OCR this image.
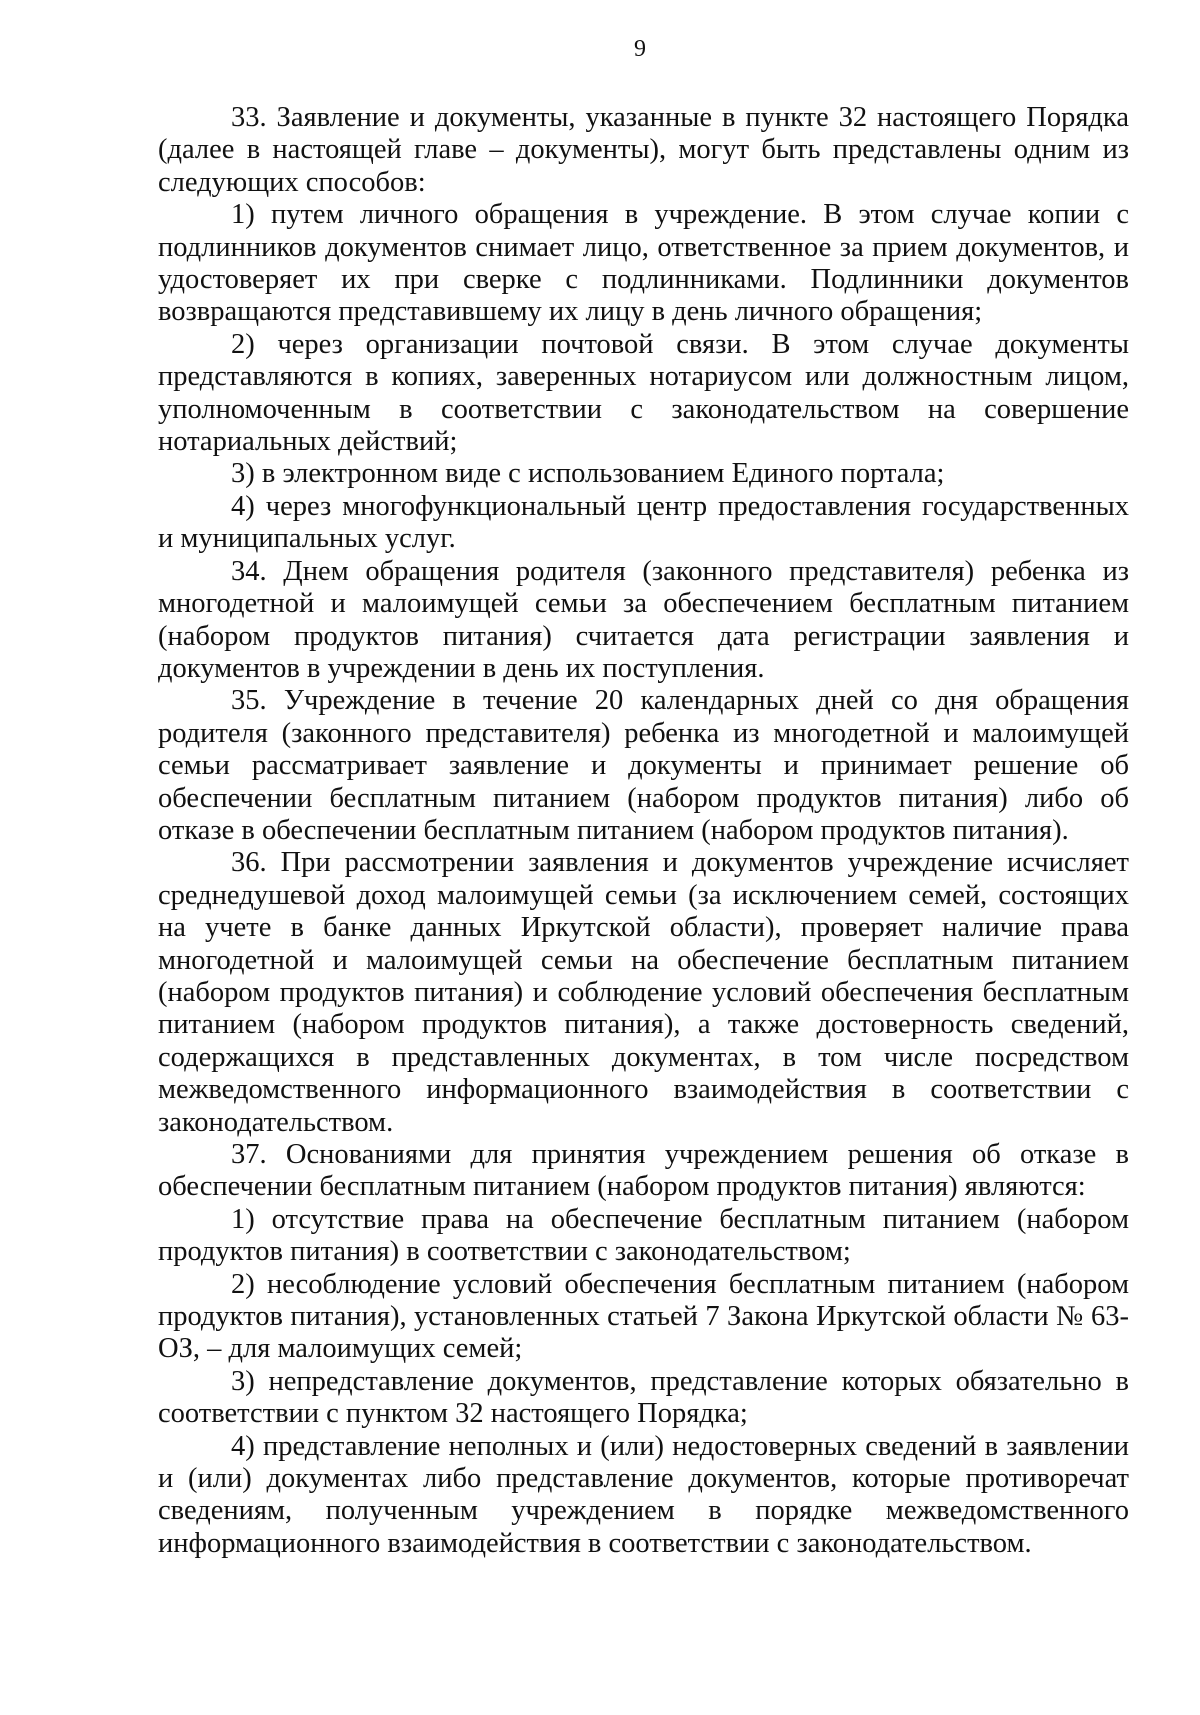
9

33. Заявление и документы, указанные в пункте 32 настоящего Порядка (далее в настоящей главе – документы), могут быть представлены одним из следующих способов:

1) путем личного обращения в учреждение. В этом случае копии с подлинников документов снимает лицо, ответственное за прием документов, и удостоверяет их при сверке с подлинниками. Подлинники документов возвращаются представившему их лицу в день личного обращения;

2) через организации почтовой связи. В этом случае документы представляются в копиях, заверенных нотариусом или должностным лицом, уполномоченным в соответствии с законодательством на совершение нотариальных действий;

3) в электронном виде с использованием Единого портала;

4) через многофункциональный центр предоставления государственных и муниципальных услуг.

34. Днем обращения родителя (законного представителя) ребенка из многодетной и малоимущей семьи за обеспечением бесплатным питанием (набором продуктов питания) считается дата регистрации заявления и документов в учреждении в день их поступления.

35. Учреждение в течение 20 календарных дней со дня обращения родителя (законного представителя) ребенка из многодетной и малоимущей семьи рассматривает заявление и документы и принимает решение об обеспечении бесплатным питанием (набором продуктов питания) либо об отказе в обеспечении бесплатным питанием (набором продуктов питания).

36. При рассмотрении заявления и документов учреждение исчисляет среднедушевой доход малоимущей семьи (за исключением семей, состоящих на учете в банке данных Иркутской области), проверяет наличие права многодетной и малоимущей семьи на обеспечение бесплатным питанием (набором продуктов питания) и соблюдение условий обеспечения бесплатным питанием (набором продуктов питания), а также достоверность сведений, содержащихся в представленных документах, в том числе посредством межведомственного информационного взаимодействия в соответствии с законодательством.

37. Основаниями для принятия учреждением решения об отказе в обеспечении бесплатным питанием (набором продуктов питания) являются:

1) отсутствие права на обеспечение бесплатным питанием (набором продуктов питания) в соответствии с законодательством;

2) несоблюдение условий обеспечения бесплатным питанием (набором продуктов питания), установленных статьей 7 Закона Иркутской области № 63-ОЗ, – для малоимущих семей;

3) непредставление документов, представление которых обязательно в соответствии с пунктом 32 настоящего Порядка;

4) представление неполных и (или) недостоверных сведений в заявлении и (или) документах либо представление документов, которые противоречат сведениям, полученным учреждением в порядке межведомственного информационного взаимодействия в соответствии с законодательством.
